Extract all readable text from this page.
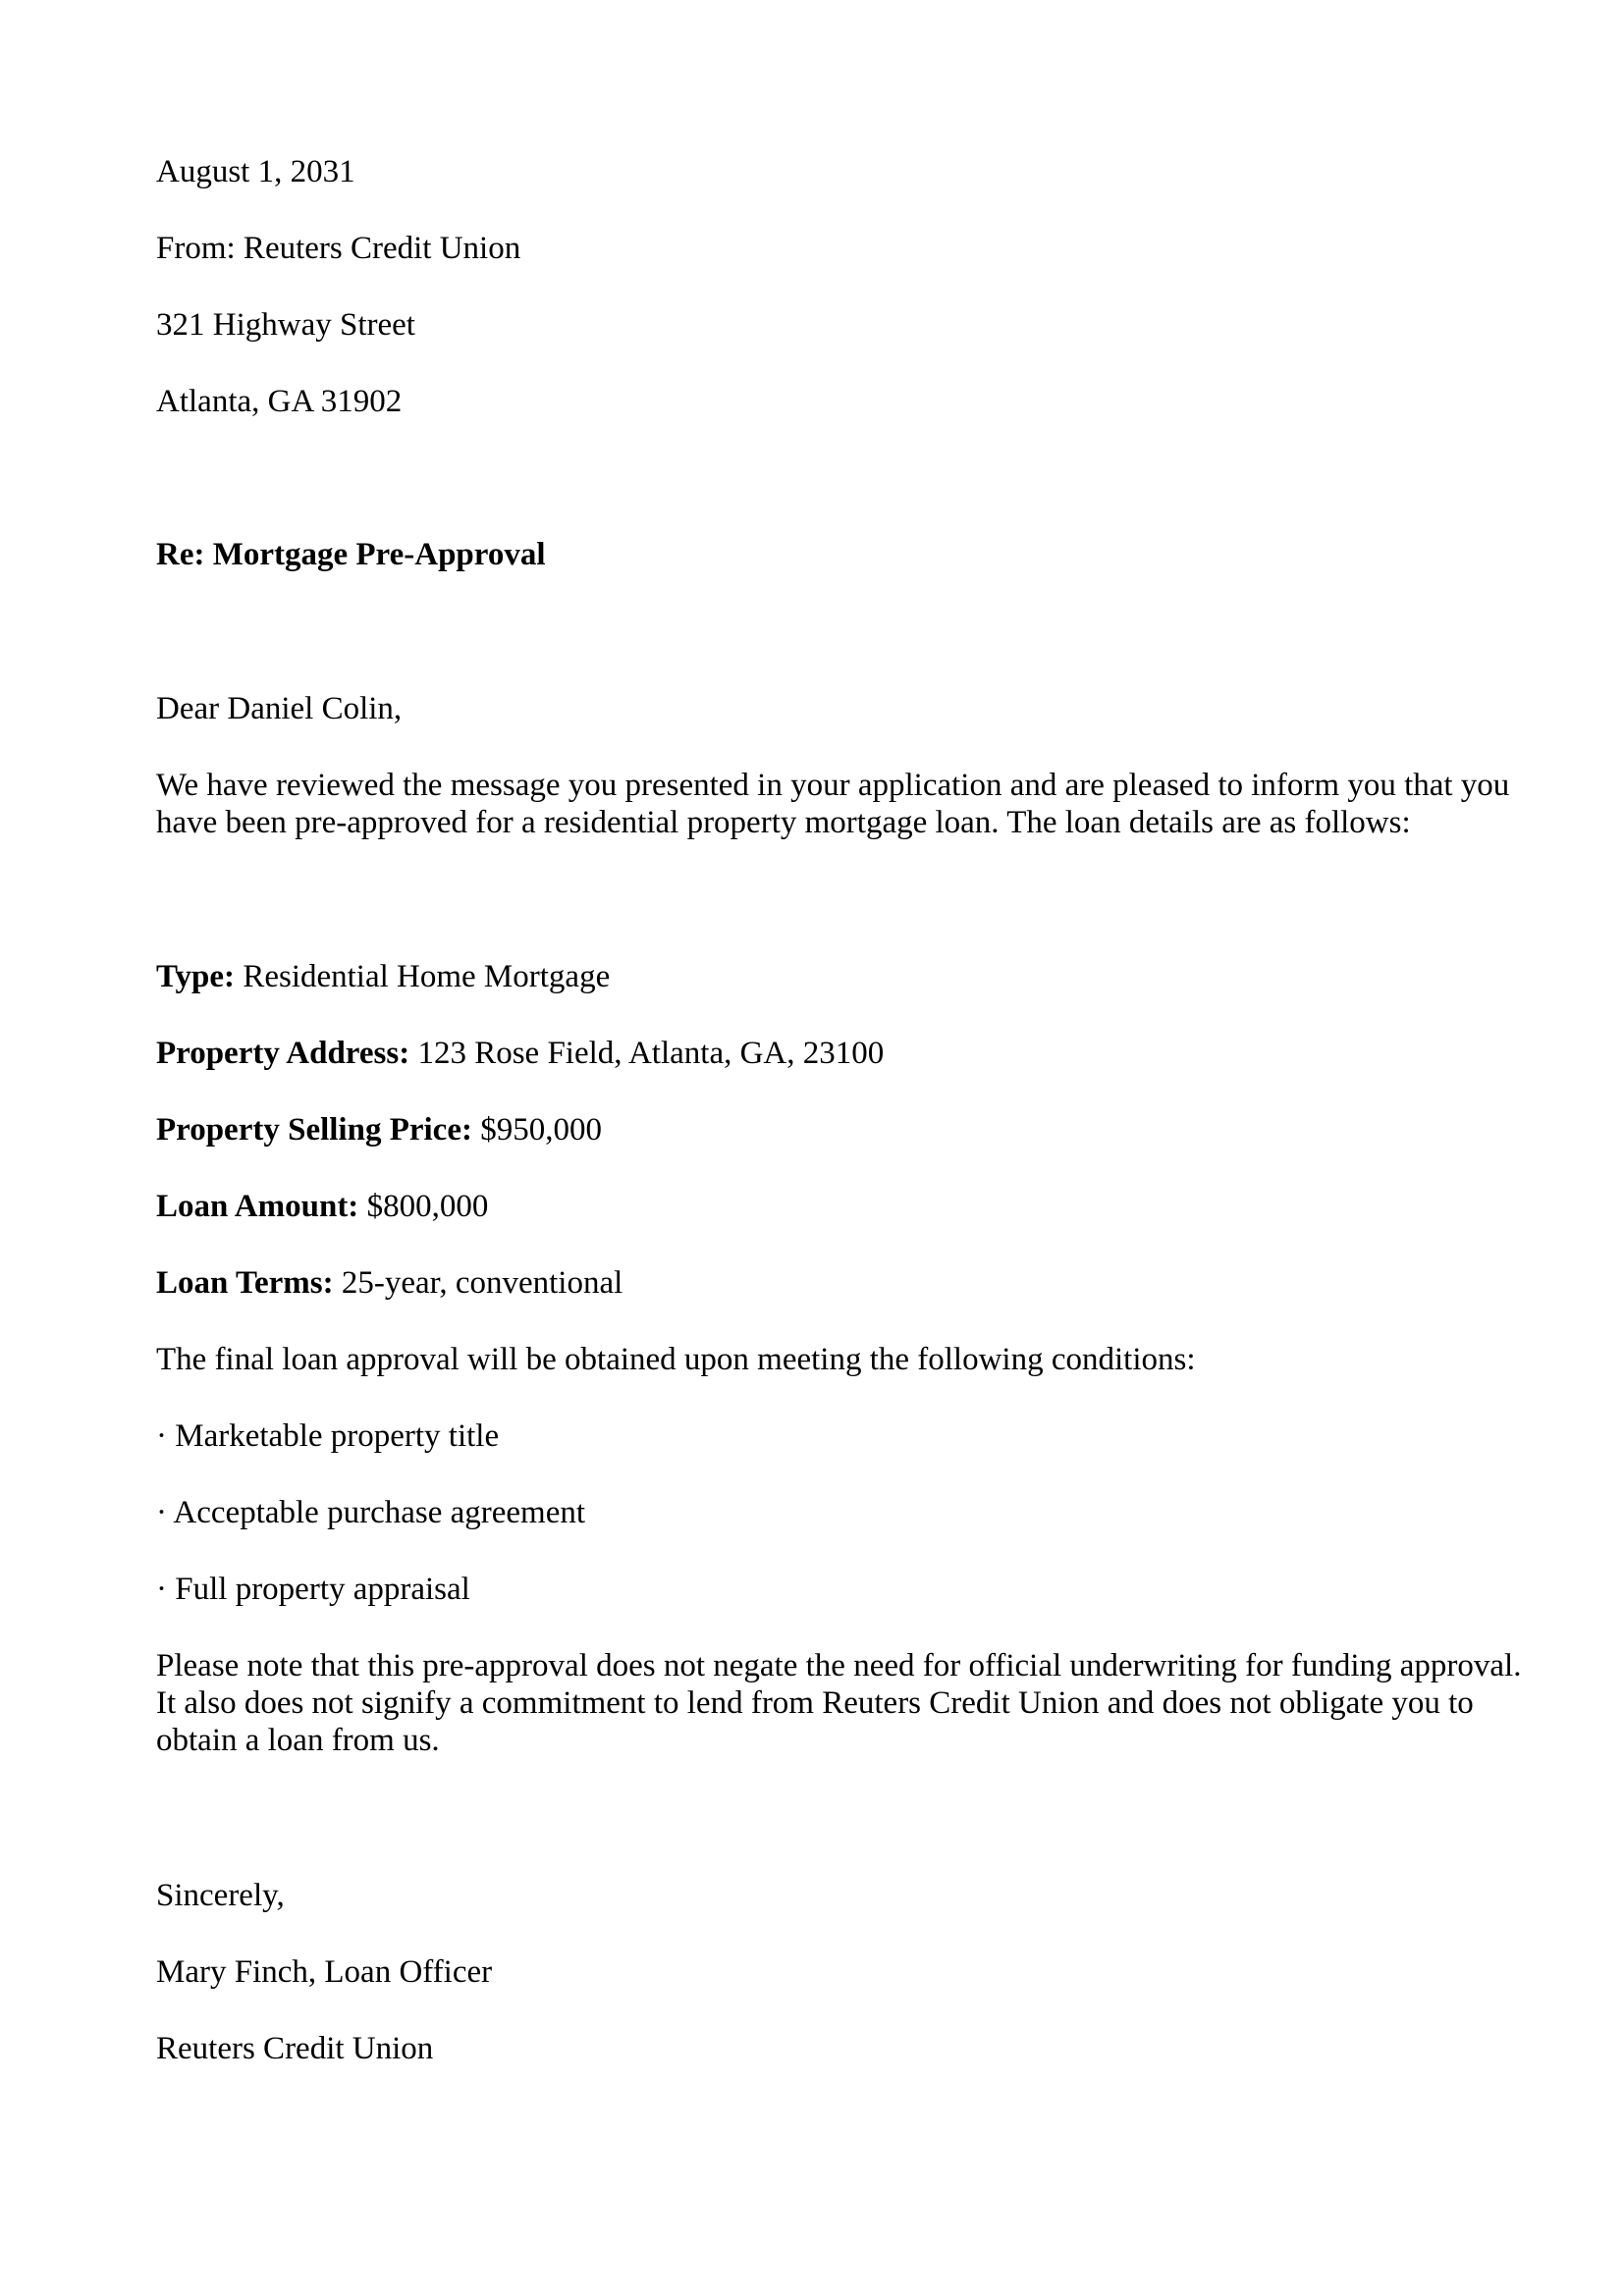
August 1, 2031

From: Reuters Credit Union

321 Highway Street

Atlanta, GA 31902

Re: Mortgage Pre-Approval

Dear Daniel Colin,

We have reviewed the message you presented in your application and are pleased to inform you that you
have been pre-approved for a residential property mortgage loan. The loan details are as follows:

Type: Residential Home Mortgage

Property Address: 123 Rose Field, Atlanta, GA, 23100

Property Selling Price: $950,000

Loan Amount: $800,000

Loan Terms: 25-year, conventional

The final loan approval will be obtained upon meeting the following conditions:

· Marketable property title

· Acceptable purchase agreement

· Full property appraisal

Please note that this pre-approval does not negate the need for official underwriting for funding approval.
It also does not signify a commitment to lend from Reuters Credit Union and does not obligate you to
obtain a loan from us.

Sincerely,

Mary Finch, Loan Officer

Reuters Credit Union
